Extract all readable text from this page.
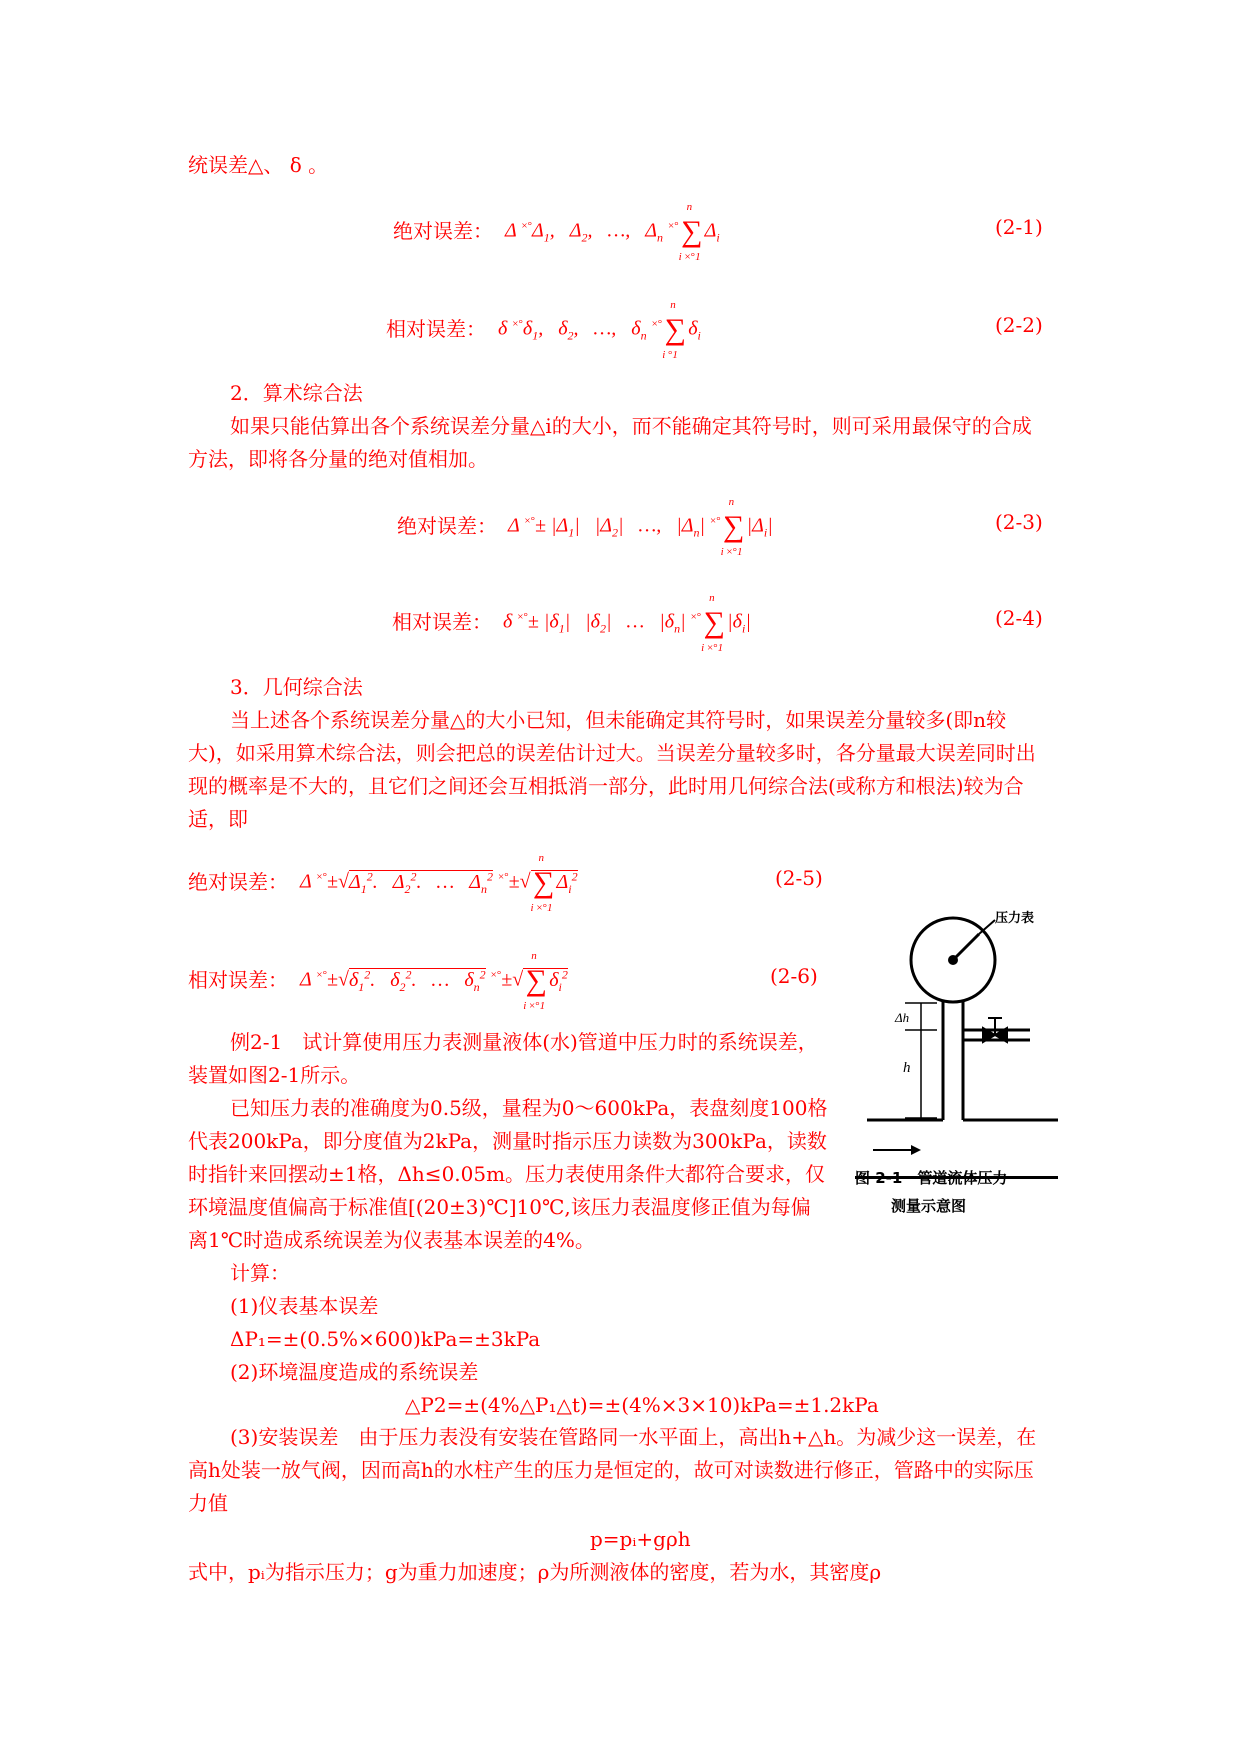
统误差△、 δ 。
绝对误差： Δ $^{\times^\circ}\Delta_1$,   $\Delta_2$,   …,   $\Delta_n$ ×°∑
n
i ×°1
$\Delta_i$	(2-1)
相对误差： δ $^{\times^\circ}\delta_1$,   $\delta_2$,   …,   $\delta_n$ ×°∑
n
i °1
$\delta_i$	(2-2)
2．算术综合法
如果只能估算出各个系统误差分量△i的大小，而不能确定其符号时，则可采用最保守的合成方法，即将各分量的绝对值相加。
绝对误差： Δ $^{\times^\circ}\pm |\Delta_1|$   $|\Delta_2|$   …,   $|\Delta_n|$ ×°∑
n
i ×°1
$|\Delta_i|$	(2-3)
相对误差： δ $^{\times^\circ}\pm |\delta_1|$   $|\delta_2|$   …   $|\delta_n|$ ×°∑
n
i ×°1
$|\delta_i|$	(2-4)
3．几何综合法
当上述各个系统误差分量△的大小已知，但未能确定其符号时，如果误差分量较多(即n较大)，如采用算术综合法，则会把总的误差估计过大。当误差分量较多时，各分量最大误差同时出现的概率是不大的，且它们之间还会互相抵消一部分，此时用几何综合法(或称方和根法)较为合适，即
绝对误差： Δ $^{\times^\circ}\pm√\Delta_1^2$.   $\Delta_2^2$.   …   $\Delta_n^2$ ×°±√∑
n
i ×°1
$\Delta_i^2$	(2-5)
相对误差： Δ $^{\times^\circ}\pm√\delta_1^2$.   $\delta_2^2$.   …   $\delta_n^2$ ×°±√∑
n
i ×°1
$\delta_i^2$	(2-6)
例2-1　试计算使用压力表测量液体(水)管道中压力时的系统误差，装置如图2-1所示。
已知压力表的准确度为0.5级，量程为0～600kPa，表盘刻度100格代表200kPa，即分度值为2kPa，测量时指示压力读数为300kPa，读数时指针来回摆动±1格，Δh≤0.05m。压力表使用条件大都符合要求，仅环境温度值偏高于标准值[(20±3)℃]10℃,该压力表温度修正值为每偏离1℃时造成系统误差为仪表基本误差的4%。
Δh
h
压力表
图 2-1　管道流体压力
测量示意图
计算：
(1)仪表基本误差
ΔP₁=±(0.5%×600)kPa=±3kPa
(2)环境温度造成的系统误差
△P2=±(4%△P₁△t)=±(4%×3×10)kPa=±1.2kPa
(3)安装误差　由于压力表没有安装在管路同一水平面上，高出h+△h。为减少这一误差，在高h处装一放气阀，因而高h的水柱产生的压力是恒定的，故可对读数进行修正，管路中的实际压力值
p=pᵢ+gρh
式中，pᵢ为指示压力；g为重力加速度；ρ为所测液体的密度，若为水，其密度ρ
